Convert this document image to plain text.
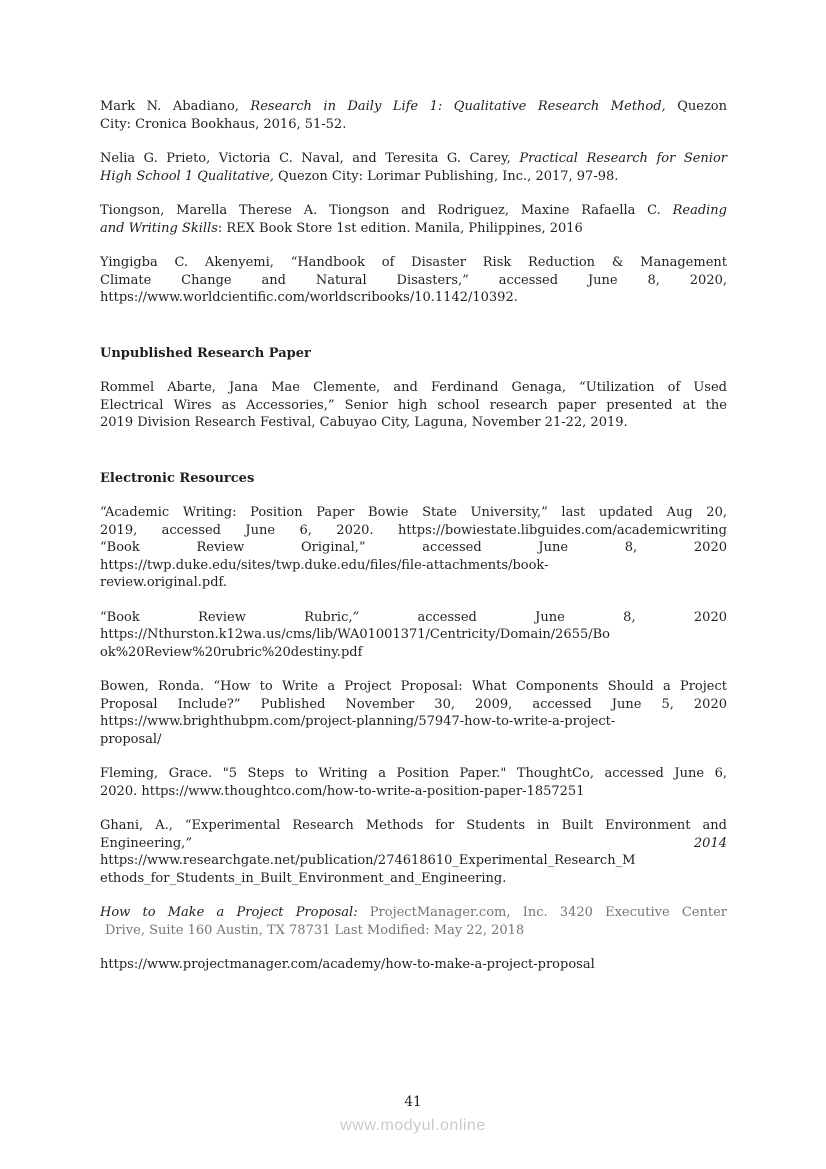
Mark N. Abadiano, Research in Daily Life 1: Qualitative Research Method, Quezon
City: Cronica Bookhaus, 2016, 51-52.
Nelia G. Prieto, Victoria C. Naval, and Teresita G. Carey, Practical Research for Senior
High School 1 Qualitative, Quezon City: Lorimar Publishing, Inc., 2017, 97-98.
Tiongson, Marella Therese A. Tiongson and Rodriguez, Maxine Rafaella C. Reading
and Writing Skills: REX Book Store 1st edition. Manila, Philippines, 2016
Yingigba C. Akenyemi, “Handbook of Disaster Risk Reduction & Management
Climate Change and Natural Disasters,” accessed June 8, 2020,
https://www.worldcientific.com/worldscribooks/10.1142/10392.
Unpublished Research Paper
Rommel Abarte, Jana Mae Clemente, and Ferdinand Genaga, “Utilization of Used
Electrical Wires as Accessories,” Senior high school research paper presented at the
2019 Division Research Festival, Cabuyao City, Laguna, November 21-22, 2019.
Electronic Resources
“Academic Writing: Position Paper Bowie State University,” last updated Aug 20,
2019, accessed June 6, 2020. https://bowiestate.libguides.com/academicwriting
“Book Review Original,” accessed June 8, 2020
https://twp.duke.edu/sites/twp.duke.edu/files/file-attachments/book-
review.original.pdf.
“Book Review Rubric,” accessed June 8, 2020
https://Nthurston.k12wa.us/cms/lib/WA01001371/Centricity/Domain/2655/Bo
ok%20Review%20rubric%20destiny.pdf
Bowen, Ronda. “How to Write a Project Proposal: What Components Should a Project
Proposal Include?” Published November 30, 2009, accessed June 5, 2020
https://www.brighthubpm.com/project-planning/57947-how-to-write-a-project-
proposal/
Fleming, Grace. "5 Steps to Writing a Position Paper." ThoughtCo, accessed June 6,
2020. https://www.thoughtco.com/how-to-write-a-position-paper-1857251
Ghani, A., “Experimental Research Methods for Students in Built Environment and
Engineering,”	2014
https://www.researchgate.net/publication/274618610_Experimental_Research_M
ethods_for_Students_in_Built_Environment_and_Engineering.
How to Make a Project Proposal: ProjectManager.com, Inc. 3420 Executive Center
Drive, Suite 160 Austin, TX 78731 Last Modified: May 22, 2018
https://www.projectmanager.com/academy/how-to-make-a-project-proposal
41
www.modyul.online
